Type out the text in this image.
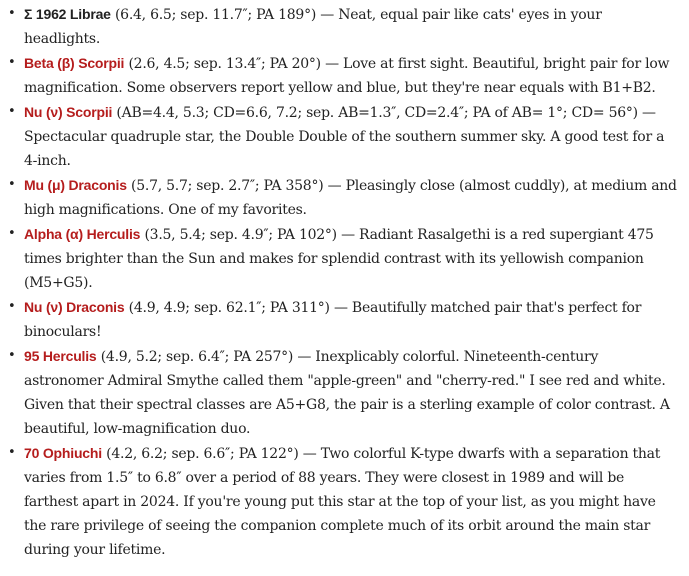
• Σ 1962 Librae (6.4, 6.5; sep. 11.7″; PA 189°) — Neat, equal pair like cats' eyes in your headlights.
• Beta (β) Scorpii (2.6, 4.5; sep. 13.4″; PA 20°) — Love at first sight. Beautiful, bright pair for low magnification. Some observers report yellow and blue, but they're near equals with B1+B2.
• Nu (ν) Scorpii (AB=4.4, 5.3; CD=6.6, 7.2; sep. AB=1.3″, CD=2.4″; PA of AB= 1°; CD= 56°) — Spectacular quadruple star, the Double Double of the southern summer sky. A good test for a 4-inch.
• Mu (μ) Draconis (5.7, 5.7; sep. 2.7″; PA 358°) — Pleasingly close (almost cuddly), at medium and high magnifications. One of my favorites.
• Alpha (α) Herculis (3.5, 5.4; sep. 4.9″; PA 102°) — Radiant Rasalgethi is a red supergiant 475 times brighter than the Sun and makes for splendid contrast with its yellowish companion (M5+G5).
• Nu (ν) Draconis (4.9, 4.9; sep. 62.1″; PA 311°) — Beautifully matched pair that's perfect for binoculars!
• 95 Herculis (4.9, 5.2; sep. 6.4″; PA 257°) — Inexplicably colorful. Nineteenth-century astronomer Admiral Smythe called them "apple-green" and "cherry-red." I see red and white. Given that their spectral classes are A5+G8, the pair is a sterling example of color contrast. A beautiful, low-magnification duo.
• 70 Ophiuchi (4.2, 6.2; sep. 6.6″; PA 122°) — Two colorful K-type dwarfs with a separation that varies from 1.5″ to 6.8″ over a period of 88 years. They were closest in 1989 and will be farthest apart in 2024. If you're young put this star at the top of your list, as you might have the rare privilege of seeing the companion complete much of its orbit around the main star during your lifetime.
